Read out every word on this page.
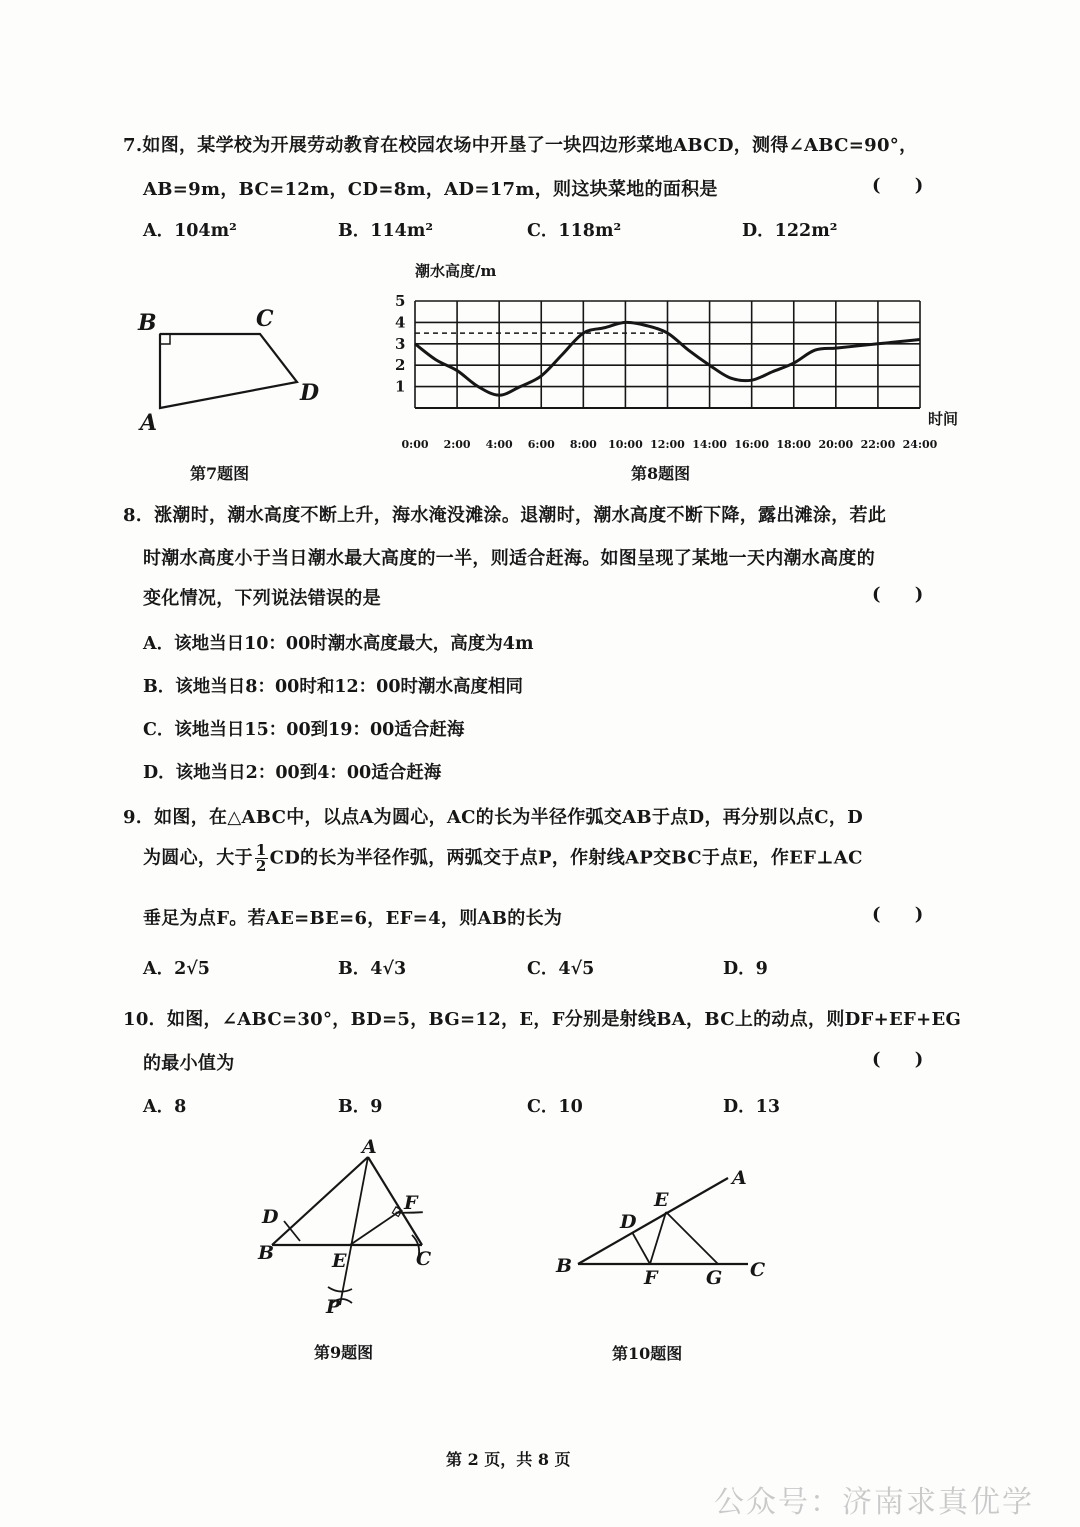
7.如图，某学校为开展劳动教育在校园农场中开垦了一块四边形菜地ABCD，测得∠ABC=90°，
AB=9m，BC=12m，CD=8m，AD=17m，则这块菜地的面积是	( )
A．104m²	B．114m²	C．118m²	D．122m²
B	C
D
A
第7题图
1
2
3
4
5
0:00 2:00 4:00 6:00 8:00 10:00 12:00 14:00 16:00 18:00 20:00 22:00 24:00
潮水高度/m
时间
第8题图
8．涨潮时，潮水高度不断上升，海水淹没滩涂。退潮时，潮水高度不断下降，露出滩涂，若此
时潮水高度小于当日潮水最大高度的一半，则适合赶海。如图呈现了某地一天内潮水高度的
变化情况，下列说法错误的是	( )
A．该地当日10：00时潮水高度最大，高度为4m
B．该地当日8：00时和12：00时潮水高度相同
C．该地当日15：00到19：00适合赶海
D．该地当日2：00到4：00适合赶海
9．如图，在△ABC中，以点A为圆心，AC的长为半径作弧交AB于点D，再分别以点C，D
为圆心，大于 $\frac{1}{2}$ CD的长为半径作弧，两弧交于点P，作射线AP交BC于点E，作EF⊥AC
垂足为点F。若AE=BE=6，EF=4，则AB的长为	( )
A．2√5	B．4√3	C．4√5	D．9
10．如图，∠ABC=30°，BD=5，BG=12，E，F分别是射线BA，BC上的动点，则DF+EF+EG
的最小值为	( )
A．8	B．9	C．10	D．13
A
D
F
B	E	C
P
第9题图
A
E
D
B
F	G C
第10题图
第 2 页，共 8 页
公众号：济南求真优学
